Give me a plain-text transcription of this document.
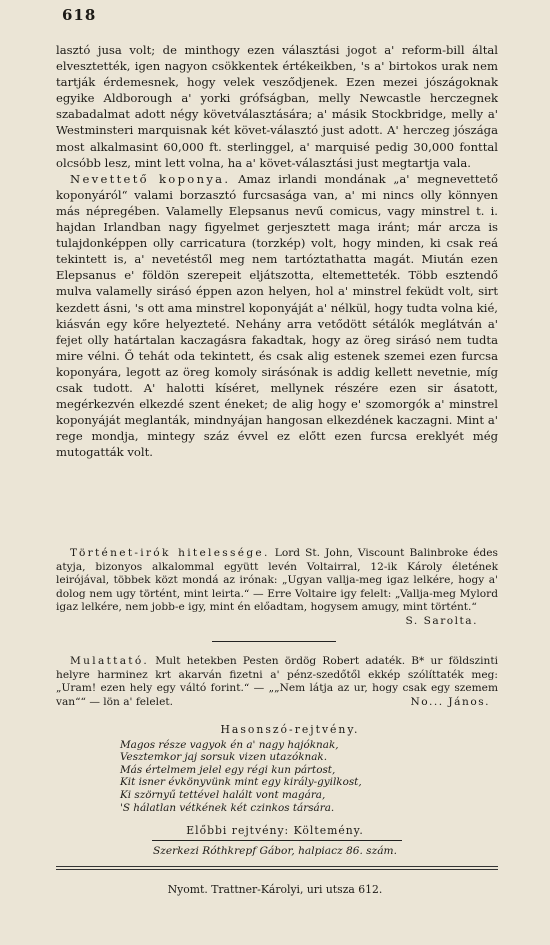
618

lasztó jusa volt; de minthogy ezen választási jogot a' reform-bill által elvesztették, igen nagyon csökkentek értékeikben, 's a' birtokos urak nem tartják érdemesnek, hogy velek vesződjenek. Ezen mezei jószágoknak egyike Aldborough a' yorki grófságban, melly Newcastle herczegnek szabadalmat adott négy követválasztására; a' másik Stockbridge, melly a' Westminsteri marquisnak két követ-választó just adott. A' herczeg jószága most alkalmasint 60,000 ft. sterlinggel, a' marquisé pedig 30,000 fonttal olcsóbb lesz, mint lett volna, ha a' követ-választási just megtartja vala.

Nevettető koponya. Amaz irlandi mondának „a' megnevettető koponyáról“ valami borzasztó furcsasága van, a' mi nincs olly könnyen más népregében. Valamelly Elepsanus nevű comicus, vagy minstrel t. i. hajdan Irlandban nagy figyelmet gerjesztett maga iránt; már arcza is tulajdonképpen olly carricatura (torzkép) volt, hogy minden, ki csak reá tekintett is, a' nevetéstől meg nem tartóztathatta magát. Miután ezen Elepsanus e' földön szerepeit eljátszotta, eltemetteték. Több esztendő mulva valamelly sirásó éppen azon helyen, hol a' minstrel feküdt volt, sirt kezdett ásni, 's ott ama minstrel koponyáját a' nélkül, hogy tudta volna kié, kiásván egy kőre helyezteté. Nehány arra vetődött sétálók meglátván a' fejet olly határtalan kaczagásra fakadtak, hogy az öreg sirásó nem tudta mire vélni. Ő tehát oda tekintett, és csak alig estenek szemei ezen furcsa koponyára, legott az öreg komoly sirásónak is addig kellett nevetnie, míg csak tudott. A' halotti kíséret, mellynek részére ezen sir ásatott, megérkezvén elkezdé szent éneket; de alig hogy e' szomorgók a' minstrel koponyáját meglanták, mindnyájan hangosan elkezdének kaczagni. Mint a' rege mondja, mintegy száz évvel ez előtt ezen furcsa ereklyét még mutogatták volt.

Történet-irók hitelessége. Lord St. John, Viscount Balinbroke édes atyja, bizonyos alkalommal együtt levén Voltairral, 12-ik Károly életének leirójával, többek közt mondá az irónak: „Ugyan vallja-meg igaz lelkére, hogy a' dolog nem ugy történt, mint leirta.“ — Erre Voltaire igy felelt: „Vallja-meg Mylord igaz lelkére, nem jobb-e igy, mint én előadtam, hogysem amugy, mint történt.“
S. Sarolta.
Mulattató. Mult hetekben Pesten ördög Robert adaték. B* ur földszinti helyre harminez krt akarván fizetni a' pénz-szedőtől ekkép szólíttaték meg: „Uram! ezen hely egy váltó forint.“ — „„Nem látja az ur, hogy csak egy szemem van““ — lön a' felelet.	No... János.
Hasonszó-rejtvény.
Magos része vagyok én a' nagy hajóknak,
Vesztemkor jaj sorsuk vizen utazóknak.
Más értelmem jelel egy régi kun pártost,
Kit isner évkönyvünk mint egy király-gyilkost,
Ki szörnyű tettével halált vont magára,
'S hálatlan vétkének két czinkos társára.
Előbbi rejtvény: Költemény.
Szerkezi Róthkrepf Gábor, halpiacz 86. szám.
Nyomt. Trattner-Károlyi, uri utsza 612.
